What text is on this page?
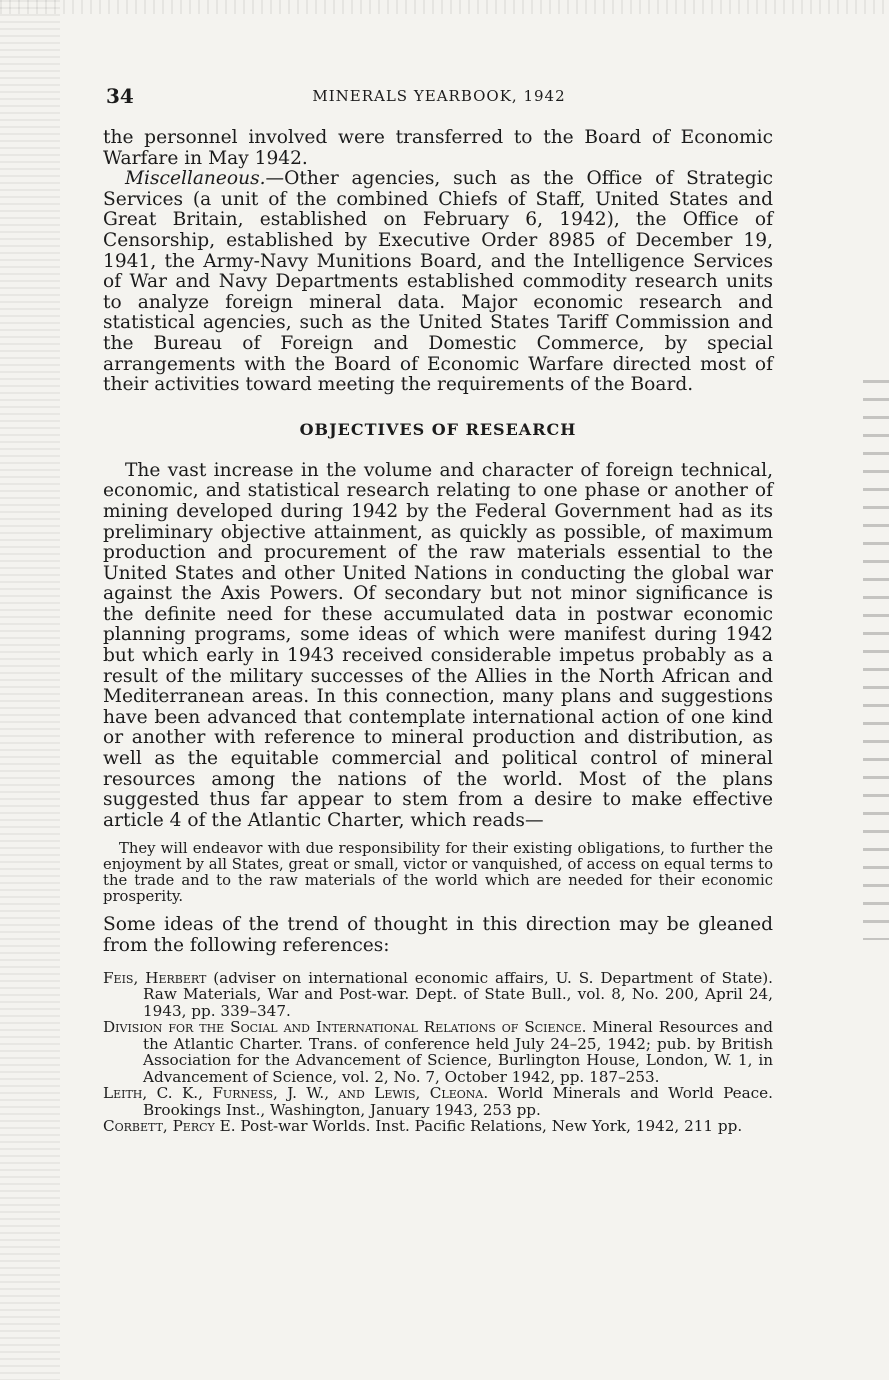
34	MINERALS YEARBOOK, 1942

the personnel involved were transferred to the Board of Economic Warfare in May 1942.

Miscellaneous.—Other agencies, such as the Office of Strategic Services (a unit of the combined Chiefs of Staff, United States and Great Britain, established on February 6, 1942), the Office of Censorship, established by Executive Order 8985 of December 19, 1941, the Army-Navy Munitions Board, and the Intelligence Services of War and Navy Departments established commodity research units to analyze foreign mineral data. Major economic research and statistical agencies, such as the United States Tariff Commission and the Bureau of Foreign and Domestic Commerce, by special arrangements with the Board of Economic Warfare directed most of their activities toward meeting the requirements of the Board.

OBJECTIVES OF RESEARCH

The vast increase in the volume and character of foreign technical, economic, and statistical research relating to one phase or another of mining developed during 1942 by the Federal Government had as its preliminary objective attainment, as quickly as possible, of maximum production and procurement of the raw materials essential to the United States and other United Nations in conducting the global war against the Axis Powers. Of secondary but not minor significance is the definite need for these accumulated data in postwar economic planning programs, some ideas of which were manifest during 1942 but which early in 1943 received considerable impetus probably as a result of the military successes of the Allies in the North African and Mediterranean areas. In this connection, many plans and suggestions have been advanced that contemplate international action of one kind or another with reference to mineral production and distribution, as well as the equitable commercial and political control of mineral resources among the nations of the world. Most of the plans suggested thus far appear to stem from a desire to make effective article 4 of the Atlantic Charter, which reads—

They will endeavor with due responsibility for their existing obligations, to further the enjoyment by all States, great or small, victor or vanquished, of access on equal terms to the trade and to the raw materials of the world which are needed for their economic prosperity.

Some ideas of the trend of thought in this direction may be gleaned from the following references:

Feis, Herbert (adviser on international economic affairs, U. S. Department of State). Raw Materials, War and Post-war. Dept. of State Bull., vol. 8, No. 200, April 24, 1943, pp. 339–347.
Division for the Social and International Relations of Science. Mineral Resources and the Atlantic Charter. Trans. of conference held July 24–25, 1942; pub. by British Association for the Advancement of Science, Burlington House, London, W. 1, in Advancement of Science, vol. 2, No. 7, October 1942, pp. 187–253.
Leith, C. K., Furness, J. W., and Lewis, Cleona. World Minerals and World Peace. Brookings Inst., Washington, January 1943, 253 pp.
Corbett, Percy E. Post-war Worlds. Inst. Pacific Relations, New York, 1942, 211 pp.
